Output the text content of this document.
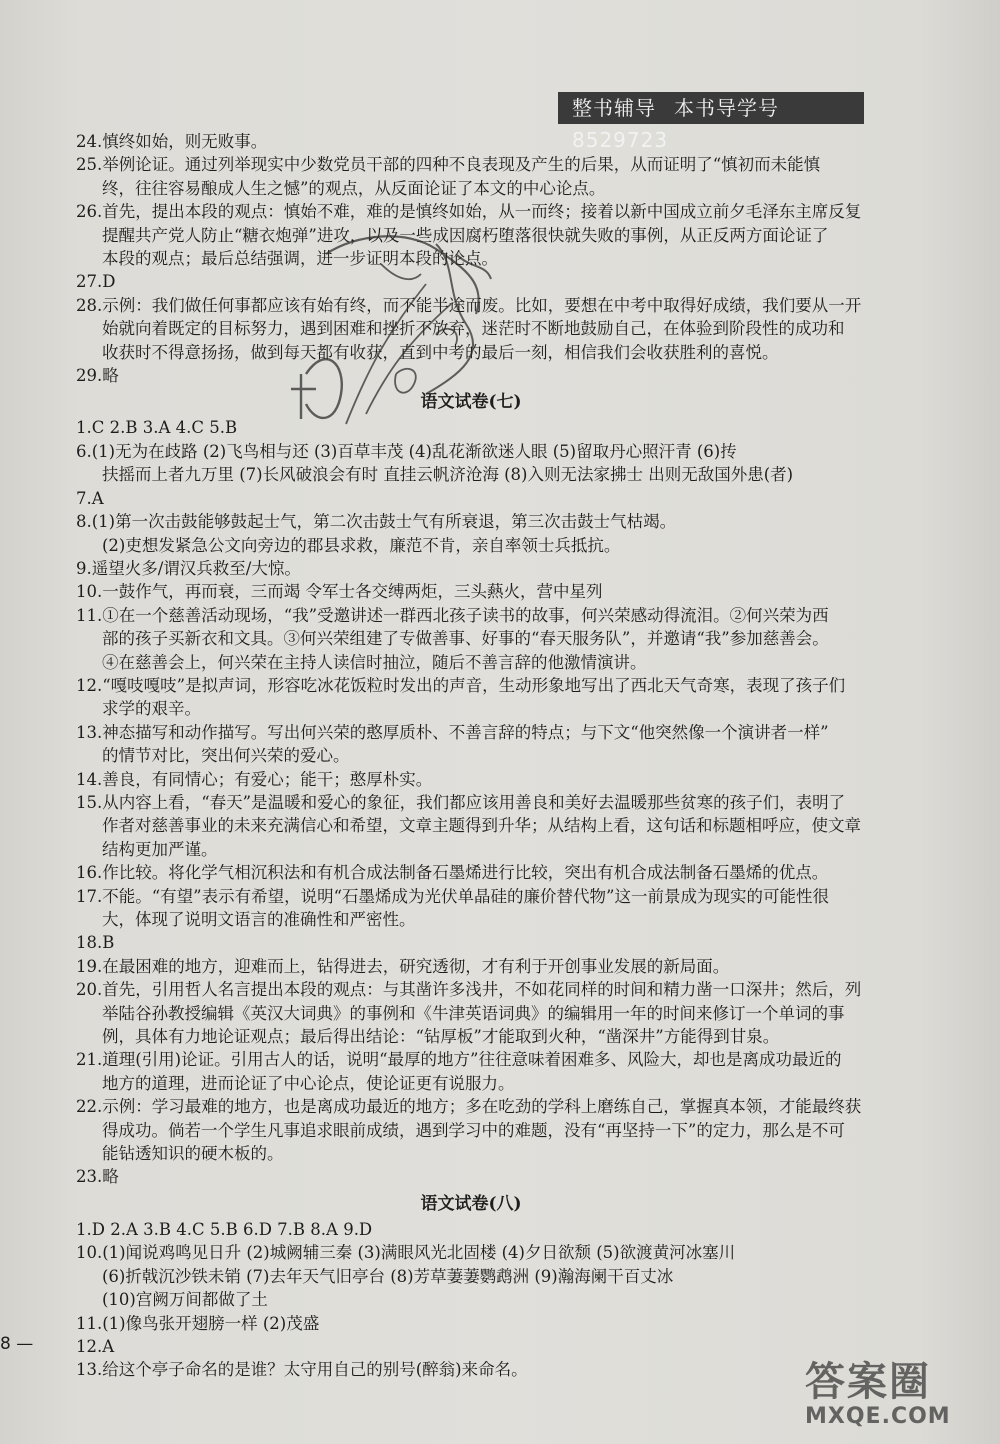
整书辅导 本书导学号8529723
24.慎终如始，则无败事。
25.举例论证。通过列举现实中少数党员干部的四种不良表现及产生的后果，从而证明了“慎初而未能慎
终，往往容易酿成人生之憾”的观点，从反面论证了本文的中心论点。
26.首先，提出本段的观点：慎始不难，难的是慎终如始，从一而终；接着以新中国成立前夕毛泽东主席反复
提醒共产党人防止“糖衣炮弹”进攻，以及一些成因腐朽堕落很快就失败的事例，从正反两方面论证了
本段的观点；最后总结强调，进一步证明本段的论点。
27.D
28.示例：我们做任何事都应该有始有终，而不能半途而废。比如，要想在中考中取得好成绩，我们要从一开
始就向着既定的目标努力，遇到困难和挫折不放弃，迷茫时不断地鼓励自己，在体验到阶段性的成功和
收获时不得意扬扬，做到每天都有收获，直到中考的最后一刻，相信我们会收获胜利的喜悦。
29.略
语文试卷(七)
1.C 2.B 3.A 4.C 5.B
6.(1)无为在歧路 (2)飞鸟相与还 (3)百草丰茂 (4)乱花渐欲迷人眼 (5)留取丹心照汗青 (6)抟
扶摇而上者九万里 (7)长风破浪会有时 直挂云帆济沧海 (8)入则无法家拂士 出则无敌国外患(者)
7.A
8.(1)第一次击鼓能够鼓起士气，第二次击鼓士气有所衰退，第三次击鼓士气枯竭。
(2)吏想发紧急公文向旁边的郡县求救，廉范不肯，亲自率领士兵抵抗。
9.遥望火多/谓汉兵救至/大惊。
10.一鼓作气，再而衰，三而竭 令军士各交缚两炬，三头爇火，营中星列
11.①在一个慈善活动现场，“我”受邀讲述一群西北孩子读书的故事，何兴荣感动得流泪。②何兴荣为西
部的孩子买新衣和文具。③何兴荣组建了专做善事、好事的“春天服务队”，并邀请“我”参加慈善会。
④在慈善会上，何兴荣在主持人读信时抽泣，随后不善言辞的他激情演讲。
12.“嘎吱嘎吱”是拟声词，形容吃冰花饭粒时发出的声音，生动形象地写出了西北天气奇寒，表现了孩子们
求学的艰辛。
13.神态描写和动作描写。写出何兴荣的憨厚质朴、不善言辞的特点；与下文“他突然像一个演讲者一样”
的情节对比，突出何兴荣的爱心。
14.善良，有同情心；有爱心；能干；憨厚朴实。
15.从内容上看，“春天”是温暖和爱心的象征，我们都应该用善良和美好去温暖那些贫寒的孩子们，表明了
作者对慈善事业的未来充满信心和希望，文章主题得到升华；从结构上看，这句话和标题相呼应，使文章
结构更加严谨。
16.作比较。将化学气相沉积法和有机合成法制备石墨烯进行比较，突出有机合成法制备石墨烯的优点。
17.不能。“有望”表示有希望，说明“石墨烯成为光伏单晶硅的廉价替代物”这一前景成为现实的可能性很
大，体现了说明文语言的准确性和严密性。
18.B
19.在最困难的地方，迎难而上，钻得进去，研究透彻，才有利于开创事业发展的新局面。
20.首先，引用哲人名言提出本段的观点：与其凿许多浅井，不如花同样的时间和精力凿一口深井；然后，列
举陆谷孙教授编辑《英汉大词典》的事例和《牛津英语词典》的编辑用一年的时间来修订一个单词的事
例，具体有力地论证观点；最后得出结论：“钻厚板”才能取到火种，“凿深井”方能得到甘泉。
21.道理(引用)论证。引用古人的话，说明“最厚的地方”往往意味着困难多、风险大，却也是离成功最近的
地方的道理，进而论证了中心论点，使论证更有说服力。
22.示例：学习最难的地方，也是离成功最近的地方；多在吃劲的学科上磨练自己，掌握真本领，才能最终获
得成功。倘若一个学生凡事追求眼前成绩，遇到学习中的难题，没有“再坚持一下”的定力，那么是不可
能钻透知识的硬木板的。
23.略
语文试卷(八)
1.D 2.A 3.B 4.C 5.B 6.D 7.B 8.A 9.D
10.(1)闻说鸡鸣见日升 (2)城阙辅三秦 (3)满眼风光北固楼 (4)夕日欲颓 (5)欲渡黄河冰塞川
(6)折戟沉沙铁未销 (7)去年天气旧亭台 (8)芳草萋萋鹦鹉洲 (9)瀚海阑干百丈冰
(10)宫阙万间都做了土
11.(1)像鸟张开翅膀一样 (2)茂盛
12.A
13.给这个亭子命名的是谁？太守用自己的别号(醉翁)来命名。
8 —
答案圈
MXQE.COM
